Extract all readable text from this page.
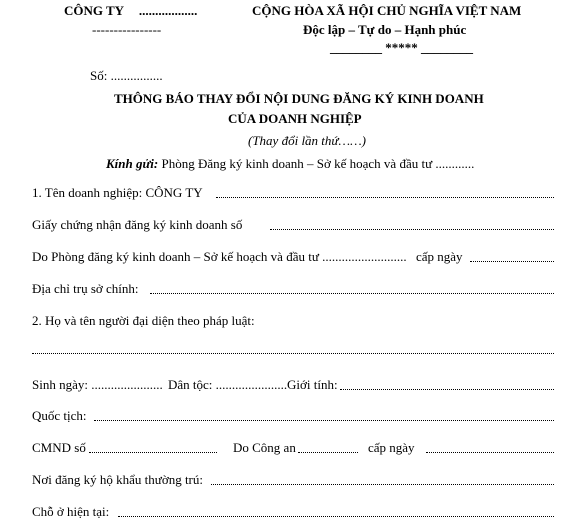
CÔNG TY ..................
----------------
CỘNG HÒA XÃ HỘI CHỦ NGHĨA VIỆT NAM
Độc lập – Tự do – Hạnh phúc
________ ***** ________
Số: ................
THÔNG BÁO THAY ĐỔI NỘI DUNG ĐĂNG KÝ KINH DOANH
CỦA DOANH NGHIỆP
(Thay đổi lần thứ……)
Kính gửi: Phòng Đăng ký kinh doanh – Sở kế hoạch và đầu tư ............
1. Tên doanh nghiệp: CÔNG TY
Giấy chứng nhận đăng ký kinh doanh số
Do Phòng đăng ký kinh doanh – Sở kế hoạch và đầu tư .......................... cấp ngày
Địa chỉ trụ sở chính:
2. Họ và tên người đại diện theo pháp luật:
Sinh ngày: ...................... Dân tộc: ...................... Giới tính:
Quốc tịch:
CMND số	Do Công an	cấp ngày
Nơi đăng ký hộ khẩu thường trú:
Chỗ ở hiện tại:
